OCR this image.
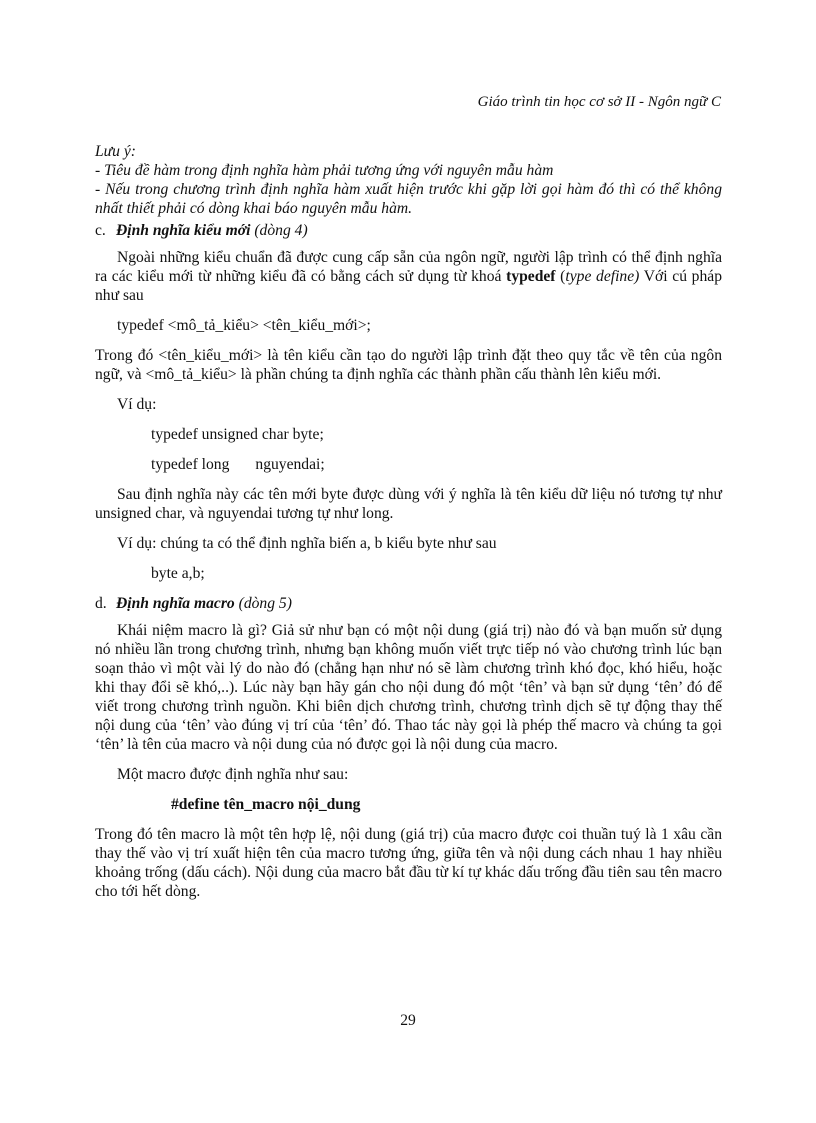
Giáo trình tin học cơ sở II - Ngôn ngữ C

Lưu ý:

- Tiêu đề hàm trong định nghĩa hàm phải tương ứng với nguyên mẫu hàm

- Nếu trong chương trình định nghĩa hàm xuất hiện trước khi gặp lời gọi hàm đó thì có thể không nhất thiết phải có dòng khai báo nguyên mẫu hàm.

c. Định nghĩa kiểu mới (dòng 4)

Ngoài những kiểu chuẩn đã được cung cấp sẵn của ngôn ngữ, người lập trình có thể định nghĩa ra các kiểu mới từ những kiểu đã có bằng cách sử dụng từ khoá typedef (type define) Với cú pháp như sau

typedef <mô_tả_kiểu> <tên_kiểu_mới>;

Trong đó <tên_kiểu_mới> là tên kiểu cần tạo do người lập trình đặt theo quy tắc về tên của ngôn ngữ, và <mô_tả_kiểu> là phần chúng ta định nghĩa các thành phần cấu thành lên kiểu mới.

Ví dụ:

typedef unsigned char byte;

typedef long nguyendai;

Sau định nghĩa này các tên mới byte được dùng với ý nghĩa là tên kiểu dữ liệu nó tương tự như unsigned char, và nguyendai tương tự như long.

Ví dụ: chúng ta có thể định nghĩa biến a, b kiểu byte như sau

byte a,b;

d. Định nghĩa macro (dòng 5)

Khái niệm macro là gì? Giả sử như bạn có một nội dung (giá trị) nào đó và bạn muốn sử dụng nó nhiều lần trong chương trình, nhưng bạn không muốn viết trực tiếp nó vào chương trình lúc bạn soạn thảo vì một vài lý do nào đó (chẳng hạn như nó sẽ làm chương trình khó đọc, khó hiểu, hoặc khi thay đổi sẽ khó,..). Lúc này bạn hãy gán cho nội dung đó một ‘tên’ và bạn sử dụng ‘tên’ đó để viết trong chương trình nguồn. Khi biên dịch chương trình, chương trình dịch sẽ tự động thay thế nội dung của ‘tên’ vào đúng vị trí của ‘tên’ đó. Thao tác này gọi là phép thế macro và chúng ta gọi ‘tên’ là tên của macro và nội dung của nó được gọi là nội dung của macro.

Một macro được định nghĩa như sau:

#define tên_macro nội_dung

Trong đó tên macro là một tên hợp lệ, nội dung (giá trị) của macro được coi thuần tuý là 1 xâu cần thay thế vào vị trí xuất hiện tên của macro tương ứng, giữa tên và nội dung cách nhau 1 hay nhiều khoảng trống (dấu cách). Nội dung của macro bắt đầu từ kí tự khác dấu trống đầu tiên sau tên macro cho tới hết dòng.

29
